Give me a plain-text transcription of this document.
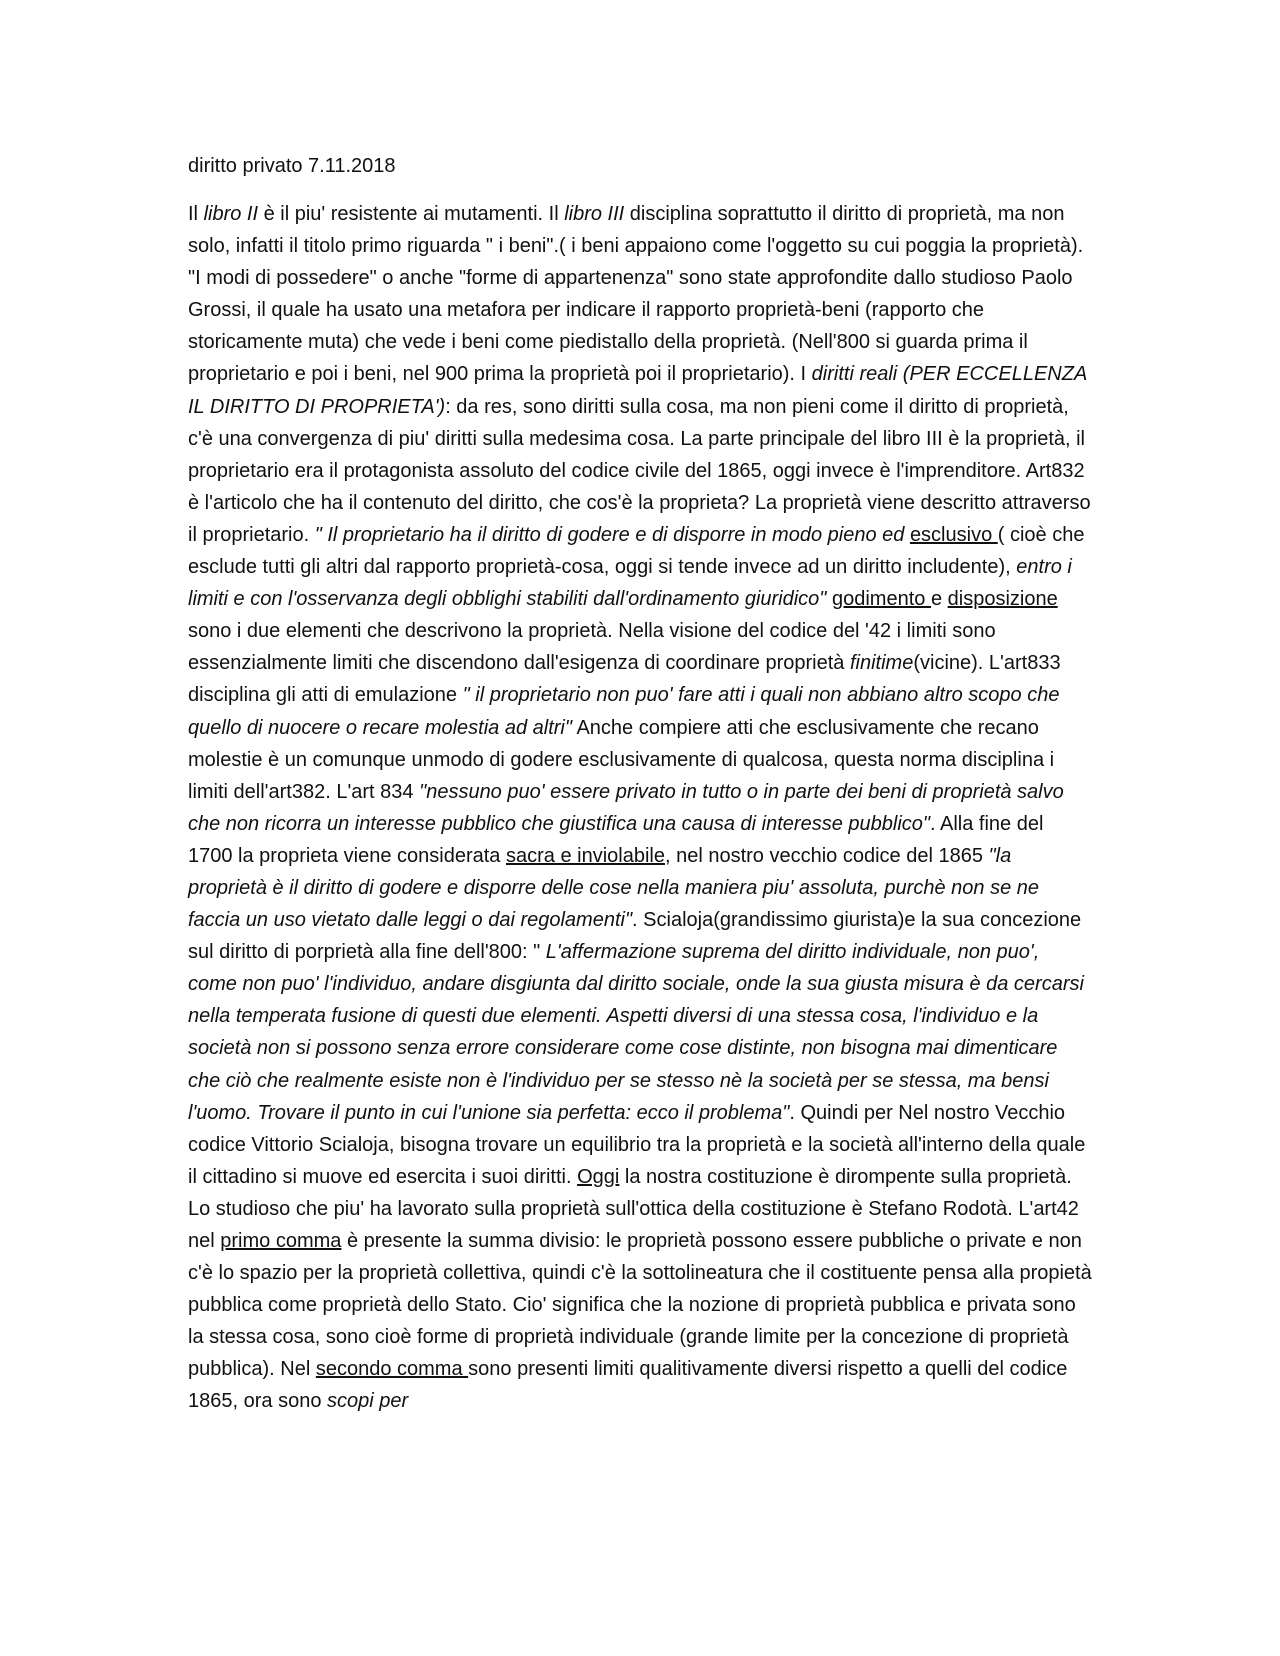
diritto privato 7.11.2018

Il libro II è il piu' resistente ai mutamenti. Il libro III disciplina soprattutto il diritto di proprietà, ma non solo, infatti il titolo primo riguarda " i beni".( i beni appaiono come l'oggetto su cui poggia la proprietà). "I modi di possedere" o anche "forme di appartenenza" sono state approfondite dallo studioso Paolo Grossi, il quale ha usato una metafora per indicare il rapporto proprietà-beni (rapporto che storicamente muta) che vede i beni come piedistallo della proprietà. (Nell'800 si guarda prima il proprietario e poi i beni, nel 900 prima la proprietà poi il proprietario). I diritti reali (PER ECCELLENZA IL DIRITTO DI PROPRIETA'): da res, sono diritti sulla cosa, ma non pieni come il diritto di proprietà, c'è una convergenza di piu' diritti sulla medesima cosa. La parte principale del libro III è la proprietà, il proprietario era il protagonista assoluto del codice civile del 1865, oggi invece è l'imprenditore. Art832 è l'articolo che ha il contenuto del diritto, che cos'è la proprieta? La proprietà viene descritto attraverso il proprietario. " Il proprietario ha il diritto di godere e di disporre in modo pieno ed esclusivo ( cioè che esclude tutti gli altri dal rapporto proprietà-cosa, oggi si tende invece ad un diritto includente), entro i limiti e con l'osservanza degli obblighi stabiliti dall'ordinamento giuridico" godimento e disposizione sono i due elementi che descrivono la proprietà. Nella visione del codice del '42 i limiti sono essenzialmente limiti che discendono dall'esigenza di coordinare proprietà finitime(vicine). L'art833 disciplina gli atti di emulazione " il proprietario non puo' fare atti i quali non abbiano altro scopo che quello di nuocere o recare molestia ad altri" Anche compiere atti che esclusivamente che recano molestie è un comunque unmodo di godere esclusivamente di qualcosa, questa norma disciplina i limiti dell'art382. L'art 834 "nessuno puo' essere privato in tutto o in parte dei beni di proprietà salvo che non ricorra un interesse pubblico che giustifica una causa di interesse pubblico". Alla fine del 1700 la proprieta viene considerata sacra e inviolabile, nel nostro vecchio codice del 1865 "la proprietà è il diritto di godere e disporre delle cose nella maniera piu' assoluta, purchè non se ne faccia un uso vietato dalle leggi o dai regolamenti". Scialoja(grandissimo giurista)e la sua concezione sul diritto di porprietà alla fine dell'800: " L'affermazione suprema del diritto individuale, non puo', come non puo' l'individuo, andare disgiunta dal diritto sociale, onde la sua giusta misura è da cercarsi nella temperata fusione di questi due elementi. Aspetti diversi di una stessa cosa, l'individuo e la società non si possono senza errore considerare come cose distinte, non bisogna mai dimenticare che ciò che realmente esiste non è l'individuo per se stesso nè la società per se stessa, ma bensi l'uomo. Trovare il punto in cui l'unione sia perfetta: ecco il problema". Quindi per Nel nostro Vecchio codice Vittorio Scialoja, bisogna trovare un equilibrio tra la proprietà e la società all'interno della quale il cittadino si muove ed esercita i suoi diritti. Oggi la nostra costituzione è dirompente sulla proprietà. Lo studioso che piu' ha lavorato sulla proprietà sull'ottica della costituzione è Stefano Rodotà. L'art42 nel primo comma è presente la summa divisio: le proprietà possono essere pubbliche o private e non c'è lo spazio per la proprietà collettiva, quindi c'è la sottolineatura che il costituente pensa alla propietà pubblica come proprietà dello Stato. Cio' significa che la nozione di proprietà pubblica e privata sono la stessa cosa, sono cioè forme di proprietà individuale (grande limite per la concezione di proprietà pubblica). Nel secondo comma sono presenti limiti qualitivamente diversi rispetto a quelli del codice 1865, ora sono scopi per
